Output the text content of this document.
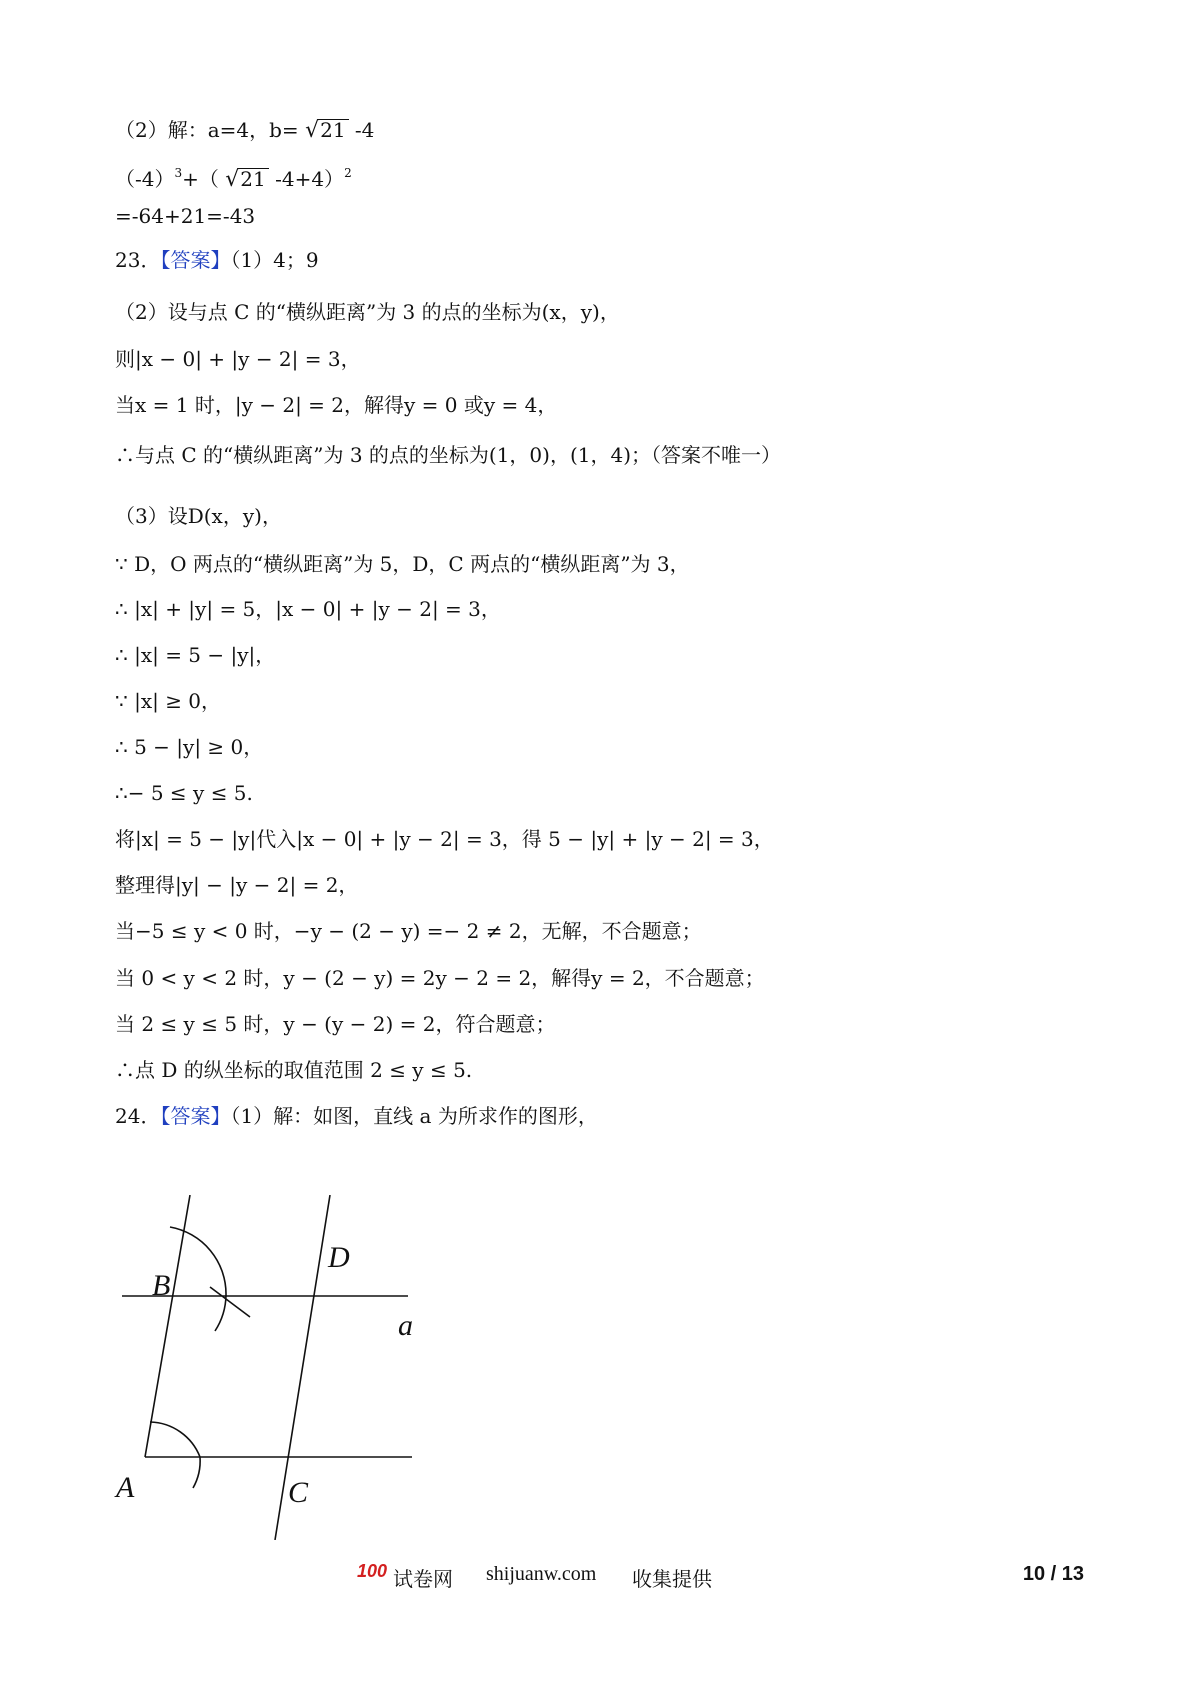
（2）解：a=4，b= √21 -4
$(-4)^3+$（ √21 -4+4）$^2$
=-64+21=-43
23．【答案】（1）4；9
（2）设与点 C 的“横纵距离”为 3 的点的坐标为(x，y)，
则|x − 0| + |y − 2| = 3，
当x = 1 时，|y − 2| = 2，解得y = 0 或y = 4，
∴与点 C 的“横纵距离”为 3 的点的坐标为(1，0)，(1，4)；（答案不唯一）
（3）设D(x，y)，
∵ D，O 两点的“横纵距离”为 5，D，C 两点的“横纵距离”为 3，
∴ |x| + |y| = 5，|x − 0| + |y − 2| = 3，
∴ |x| = 5 − |y|，
∵ |x| ≥ 0，
∴ 5 − |y| ≥ 0，
∴− 5 ≤ y ≤ 5.
将|x| = 5 − |y|代入|x − 0| + |y − 2| = 3，得 5 − |y| + |y − 2| = 3，
整理得|y| − |y − 2| = 2，
当−5 ≤ y < 0 时，−y − (2 − y) =− 2 ≠ 2，无解，不合题意；
当 0 < y < 2 时，y − (2 − y) = 2y − 2 = 2，解得y = 2，不合题意；
当 2 ≤ y ≤ 5 时，y − (y − 2) = 2，符合题意；
∴点 D 的纵坐标的取值范围 2 ≤ y ≤ 5.
24．【答案】（1）解：如图，直线 a 为所求作的图形，
B
D
a
A	C
100 试卷网 shijuanw.com 收集提供	10 / 13
